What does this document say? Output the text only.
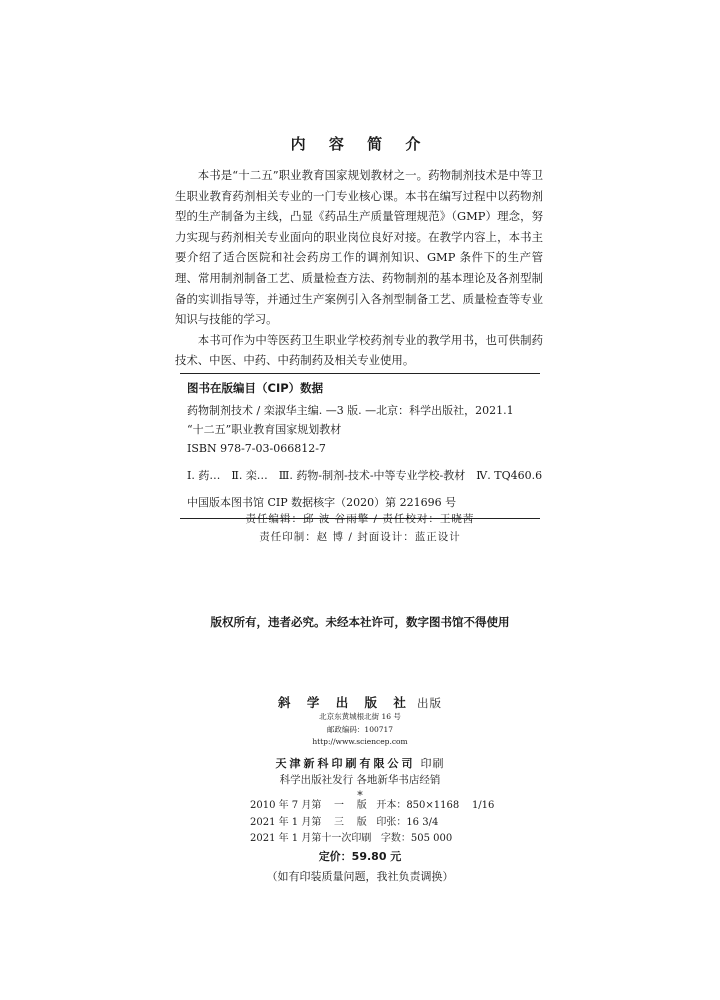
内 容 简 介

本书是“十二五”职业教育国家规划教材之一。药物制剂技术是中等卫生职业教育药剂相关专业的一门专业核心课。本书在编写过程中以药物剂型的生产制备为主线，凸显《药品生产质量管理规范》（GMP）理念，努力实现与药剂相关专业面向的职业岗位良好对接。在教学内容上，本书主要介绍了适合医院和社会药房工作的调剂知识、GMP 条件下的生产管理、常用制剂制备工艺、质量检查方法、药物制剂的基本理论及各剂型制备的实训指导等，并通过生产案例引入各剂型制备工艺、质量检查等专业知识与技能的学习。

本书可作为中等医药卫生职业学校药剂专业的教学用书，也可供制药技术、中医、中药、中药制药及相关专业使用。

图书在版编目（CIP）数据
药物制剂技术 / 栾淑华主编. —3 版. —北京：科学出版社，2021.1
“十二五”职业教育国家规划教材
ISBN 978-7-03-066812-7
Ⅰ. 药…　Ⅱ. 栾…　Ⅲ. 药物-制剂-技术-中等专业学校-教材　Ⅳ. TQ460.6
中国版本图书馆 CIP 数据核字（2020）第 221696 号
责任编辑：邱 波 谷雨擎 / 责任校对：王晓茜
责任印制：赵 博 / 封面设计：蓝正设计
版权所有，违者必究。未经本社许可，数字图书馆不得使用
斜 学 出 版 社 出版
北京东黄城根北街 16 号
邮政编码：100717
http://www.sciencep.com
天津新科印刷有限公司 印刷
科学出版社发行 各地新华书店经销
*
2010 年 7 月第    一    版   开本：850×1168    1/16
2021 年 1 月第    三    版   印张：16 3/4
2021 年 1 月第十一次印刷   字数：505 000
定价：59.80 元
（如有印装质量问题，我社负责调换）
